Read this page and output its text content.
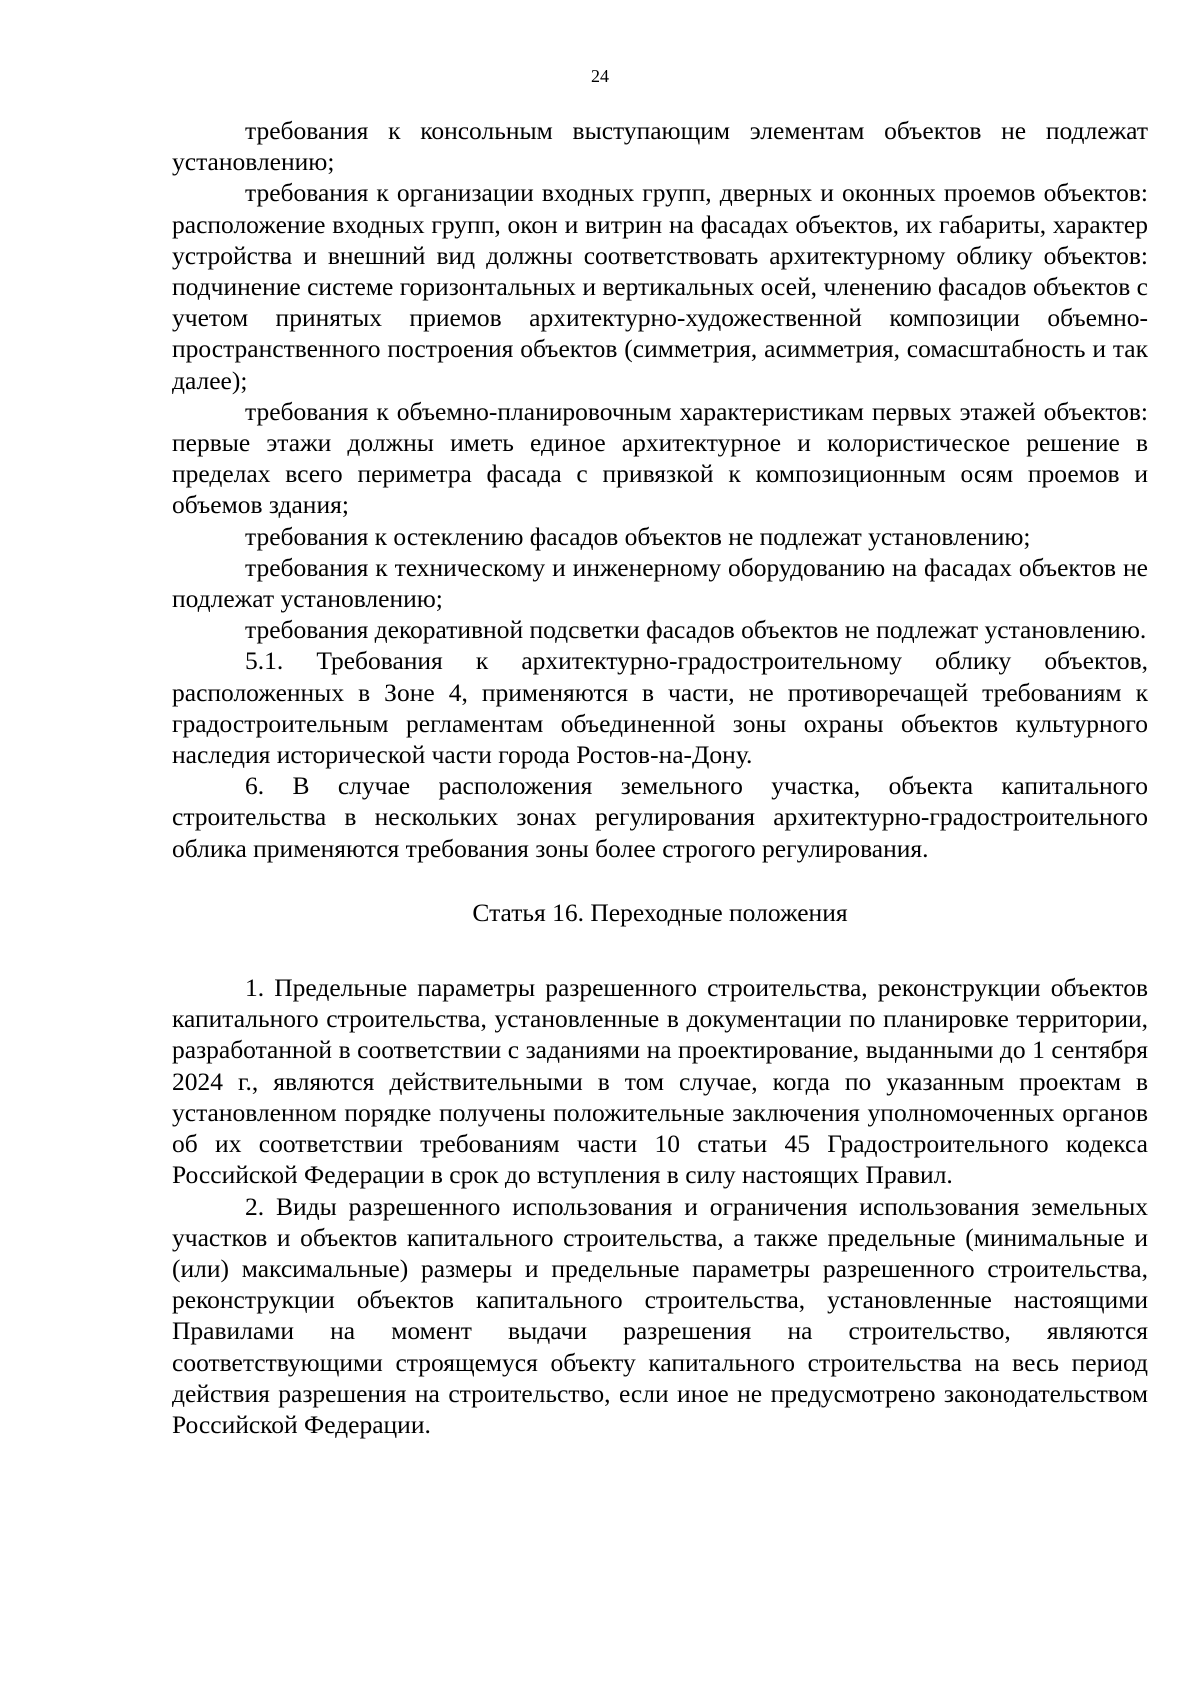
24

требования к консольным выступающим элементам объектов не подлежат установлению;

требования к организации входных групп, дверных и оконных проемов объектов: расположение входных групп, окон и витрин на фасадах объектов, их габариты, характер устройства и внешний вид должны соответствовать архитектурному облику объектов: подчинение системе горизонтальных и вертикальных осей, членению фасадов объектов с учетом принятых приемов архитектурно-художественной композиции объемно-пространственного построения объектов (симметрия, асимметрия, сомасштабность и так далее);

требования к объемно-планировочным характеристикам первых этажей объектов: первые этажи должны иметь единое архитектурное и колористическое решение в пределах всего периметра фасада с привязкой к композиционным осям проемов и объемов здания;

требования к остеклению фасадов объектов не подлежат установлению;

требования к техническому и инженерному оборудованию на фасадах объектов не подлежат установлению;

требования декоративной подсветки фасадов объектов не подлежат установлению.

5.1. Требования к архитектурно-градостроительному облику объектов, расположенных в Зоне 4, применяются в части, не противоречащей требованиям к градостроительным регламентам объединенной зоны охраны объектов культурного наследия исторической части города Ростов-на-Дону.

6. В случае расположения земельного участка, объекта капитального строительства в нескольких зонах регулирования архитектурно-градостроительного облика применяются требования зоны более строгого регулирования.

Статья 16. Переходные положения

1. Предельные параметры разрешенного строительства, реконструкции объектов капитального строительства, установленные в документации по планировке территории, разработанной в соответствии с заданиями на проектирование, выданными до 1 сентября 2024 г., являются действительными в том случае, когда по указанным проектам в установленном порядке получены положительные заключения уполномоченных органов об их соответствии требованиям части 10 статьи 45 Градостроительного кодекса Российской Федерации в срок до вступления в силу настоящих Правил.

2. Виды разрешенного использования и ограничения использования земельных участков и объектов капитального строительства, а также предельные (минимальные и (или) максимальные) размеры и предельные параметры разрешенного строительства, реконструкции объектов капитального строительства, установленные настоящими Правилами на момент выдачи разрешения на строительство, являются соответствующими строящемуся объекту капитального строительства на весь период действия разрешения на строительство, если иное не предусмотрено законодательством Российской Федерации.
